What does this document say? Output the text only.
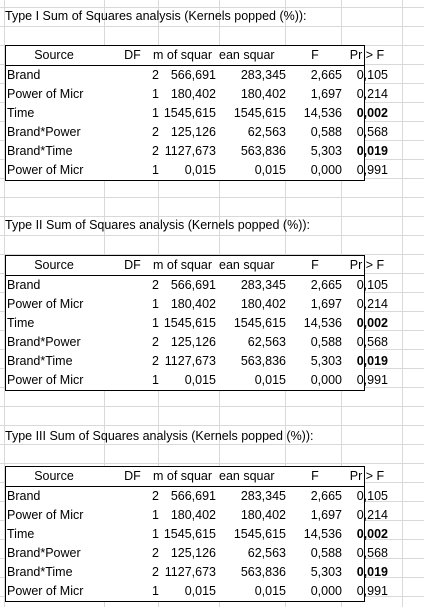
Type I Sum of Squares analysis (Kernels popped (%)):
Source	DF m of squar ean squar	F	Pr > F
Brand	2 566,691	283,345	2,665	0,105
Power of Micr	1 180,402	180,402	1,697	0,214
Time	1 1545,615	1545,615	14,536	0,002
Brand*Power	2 125,126	62,563	0,588	0,568
Brand*Time	2 1127,673	563,836	5,303	0,019
Power of Micr	1	0,015	0,015	0,000	0,991
Type II Sum of Squares analysis (Kernels popped (%)):
Source	DF m of squar ean squar	F	Pr > F
Brand	2 566,691	283,345	2,665	0,105
Power of Micr	1 180,402	180,402	1,697	0,214
Time	1 1545,615	1545,615	14,536	0,002
Brand*Power	2 125,126	62,563	0,588	0,568
Brand*Time	2 1127,673	563,836	5,303	0,019
Power of Micr	1	0,015	0,015	0,000	0,991
Type III Sum of Squares analysis (Kernels popped (%)):
Source	DF m of squar ean squar	F	Pr > F
Brand	2 566,691	283,345	2,665	0,105
Power of Micr	1 180,402	180,402	1,697	0,214
Time	1 1545,615	1545,615	14,536	0,002
Brand*Power	2 125,126	62,563	0,588	0,568
Brand*Time	2 1127,673	563,836	5,303	0,019
Power of Micr	1	0,015	0,015	0,000	0,991
